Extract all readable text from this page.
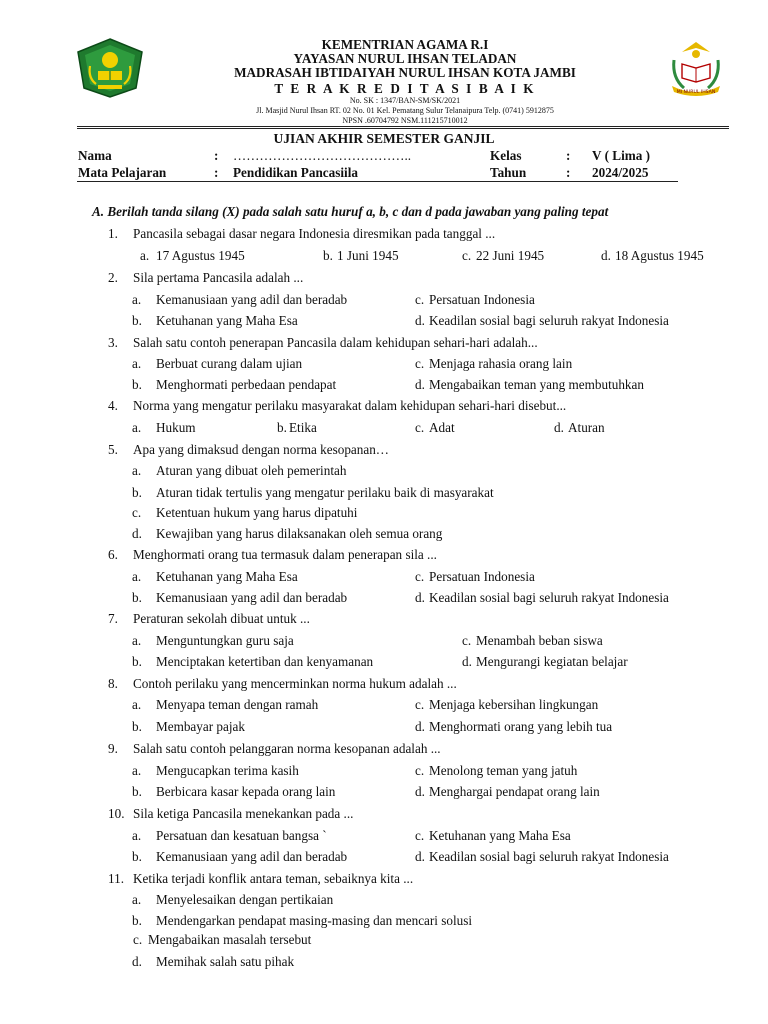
KEMENTRIAN AGAMA R.I
YAYASAN NURUL IHSAN TELADAN
MADRASAH IBTIDAIYAH NURUL IHSAN KOTA JAMBI
T E R A K R E D I T A S I B A I K
No. SK : 1347/BAN-SM/SK/2021
Jl. Masjid Nurul Ihsan RT. 02 No. 01 Kel. Pematang Sulur Telanaipura Telp. (0741) 5912875
NPSN .60704792 NSM.111215710012
MI NURUL IHSAN
UJIAN AKHIR SEMESTER GANJIL
Nama	: …………………………………..	Kelas	: V ( Lima )
Mata Pelajaran	: Pendidikan Pancasiila	Tahun	: 2024/2025
A. Berilah tanda silang (X) pada salah satu huruf a, b, c dan d pada jawaban yang paling tepat
1.	Pancasila sebagai dasar negara Indonesia diresmikan pada tanggal ...
a. 17 Agustus 1945	b. 1 Juni 1945	c. 22 Juni 1945	d. 18 Agustus 1945
2.	Sila pertama Pancasila adalah ...
a. Kemanusiaan yang adil dan beradab	c. Persatuan Indonesia
b. Ketuhanan yang Maha Esa	d. Keadilan sosial bagi seluruh rakyat Indonesia
3.	Salah satu contoh penerapan Pancasila dalam kehidupan sehari-hari adalah...
a. Berbuat curang dalam ujian	c. Menjaga rahasia orang lain
b. Menghormati perbedaan pendapat	d. Mengabaikan teman yang membutuhkan
4.	Norma yang mengatur perilaku masyarakat dalam kehidupan sehari-hari disebut...
a. Hukum	b. Etika	c. Adat	d. Aturan
5.	Apa yang dimaksud dengan norma kesopanan…
a. Aturan yang dibuat oleh pemerintah
b. Aturan tidak tertulis yang mengatur perilaku baik di masyarakat
c. Ketentuan hukum yang harus dipatuhi
d. Kewajiban yang harus dilaksanakan oleh semua orang
6.	Menghormati orang tua termasuk dalam penerapan sila ...
a. Ketuhanan yang Maha Esa	c. Persatuan Indonesia
b. Kemanusiaan yang adil dan beradab	d. Keadilan sosial bagi seluruh rakyat Indonesia
7.	Peraturan sekolah dibuat untuk ...
a. Menguntungkan guru saja	c. Menambah beban siswa
b. Menciptakan ketertiban dan kenyamanan	d. Mengurangi kegiatan belajar
8.	Contoh perilaku yang mencerminkan norma hukum adalah ...
a. Menyapa teman dengan ramah	c. Menjaga kebersihan lingkungan
b. Membayar pajak	d. Menghormati orang yang lebih tua
9.	Salah satu contoh pelanggaran norma kesopanan adalah ...
a. Mengucapkan terima kasih	c. Menolong teman yang jatuh
b. Berbicara kasar kepada orang lain	d. Menghargai pendapat orang lain
10. Sila ketiga Pancasila menekankan pada ...
a. Persatuan dan kesatuan bangsa `	c. Ketuhanan yang Maha Esa
b. Kemanusiaan yang adil dan beradab	d. Keadilan sosial bagi seluruh rakyat Indonesia
11. Ketika terjadi konflik antara teman, sebaiknya kita ...
a. Menyelesaikan dengan pertikaian
b. Mendengarkan pendapat masing-masing dan mencari solusi
c. Mengabaikan masalah tersebut
d. Memihak salah satu pihak
